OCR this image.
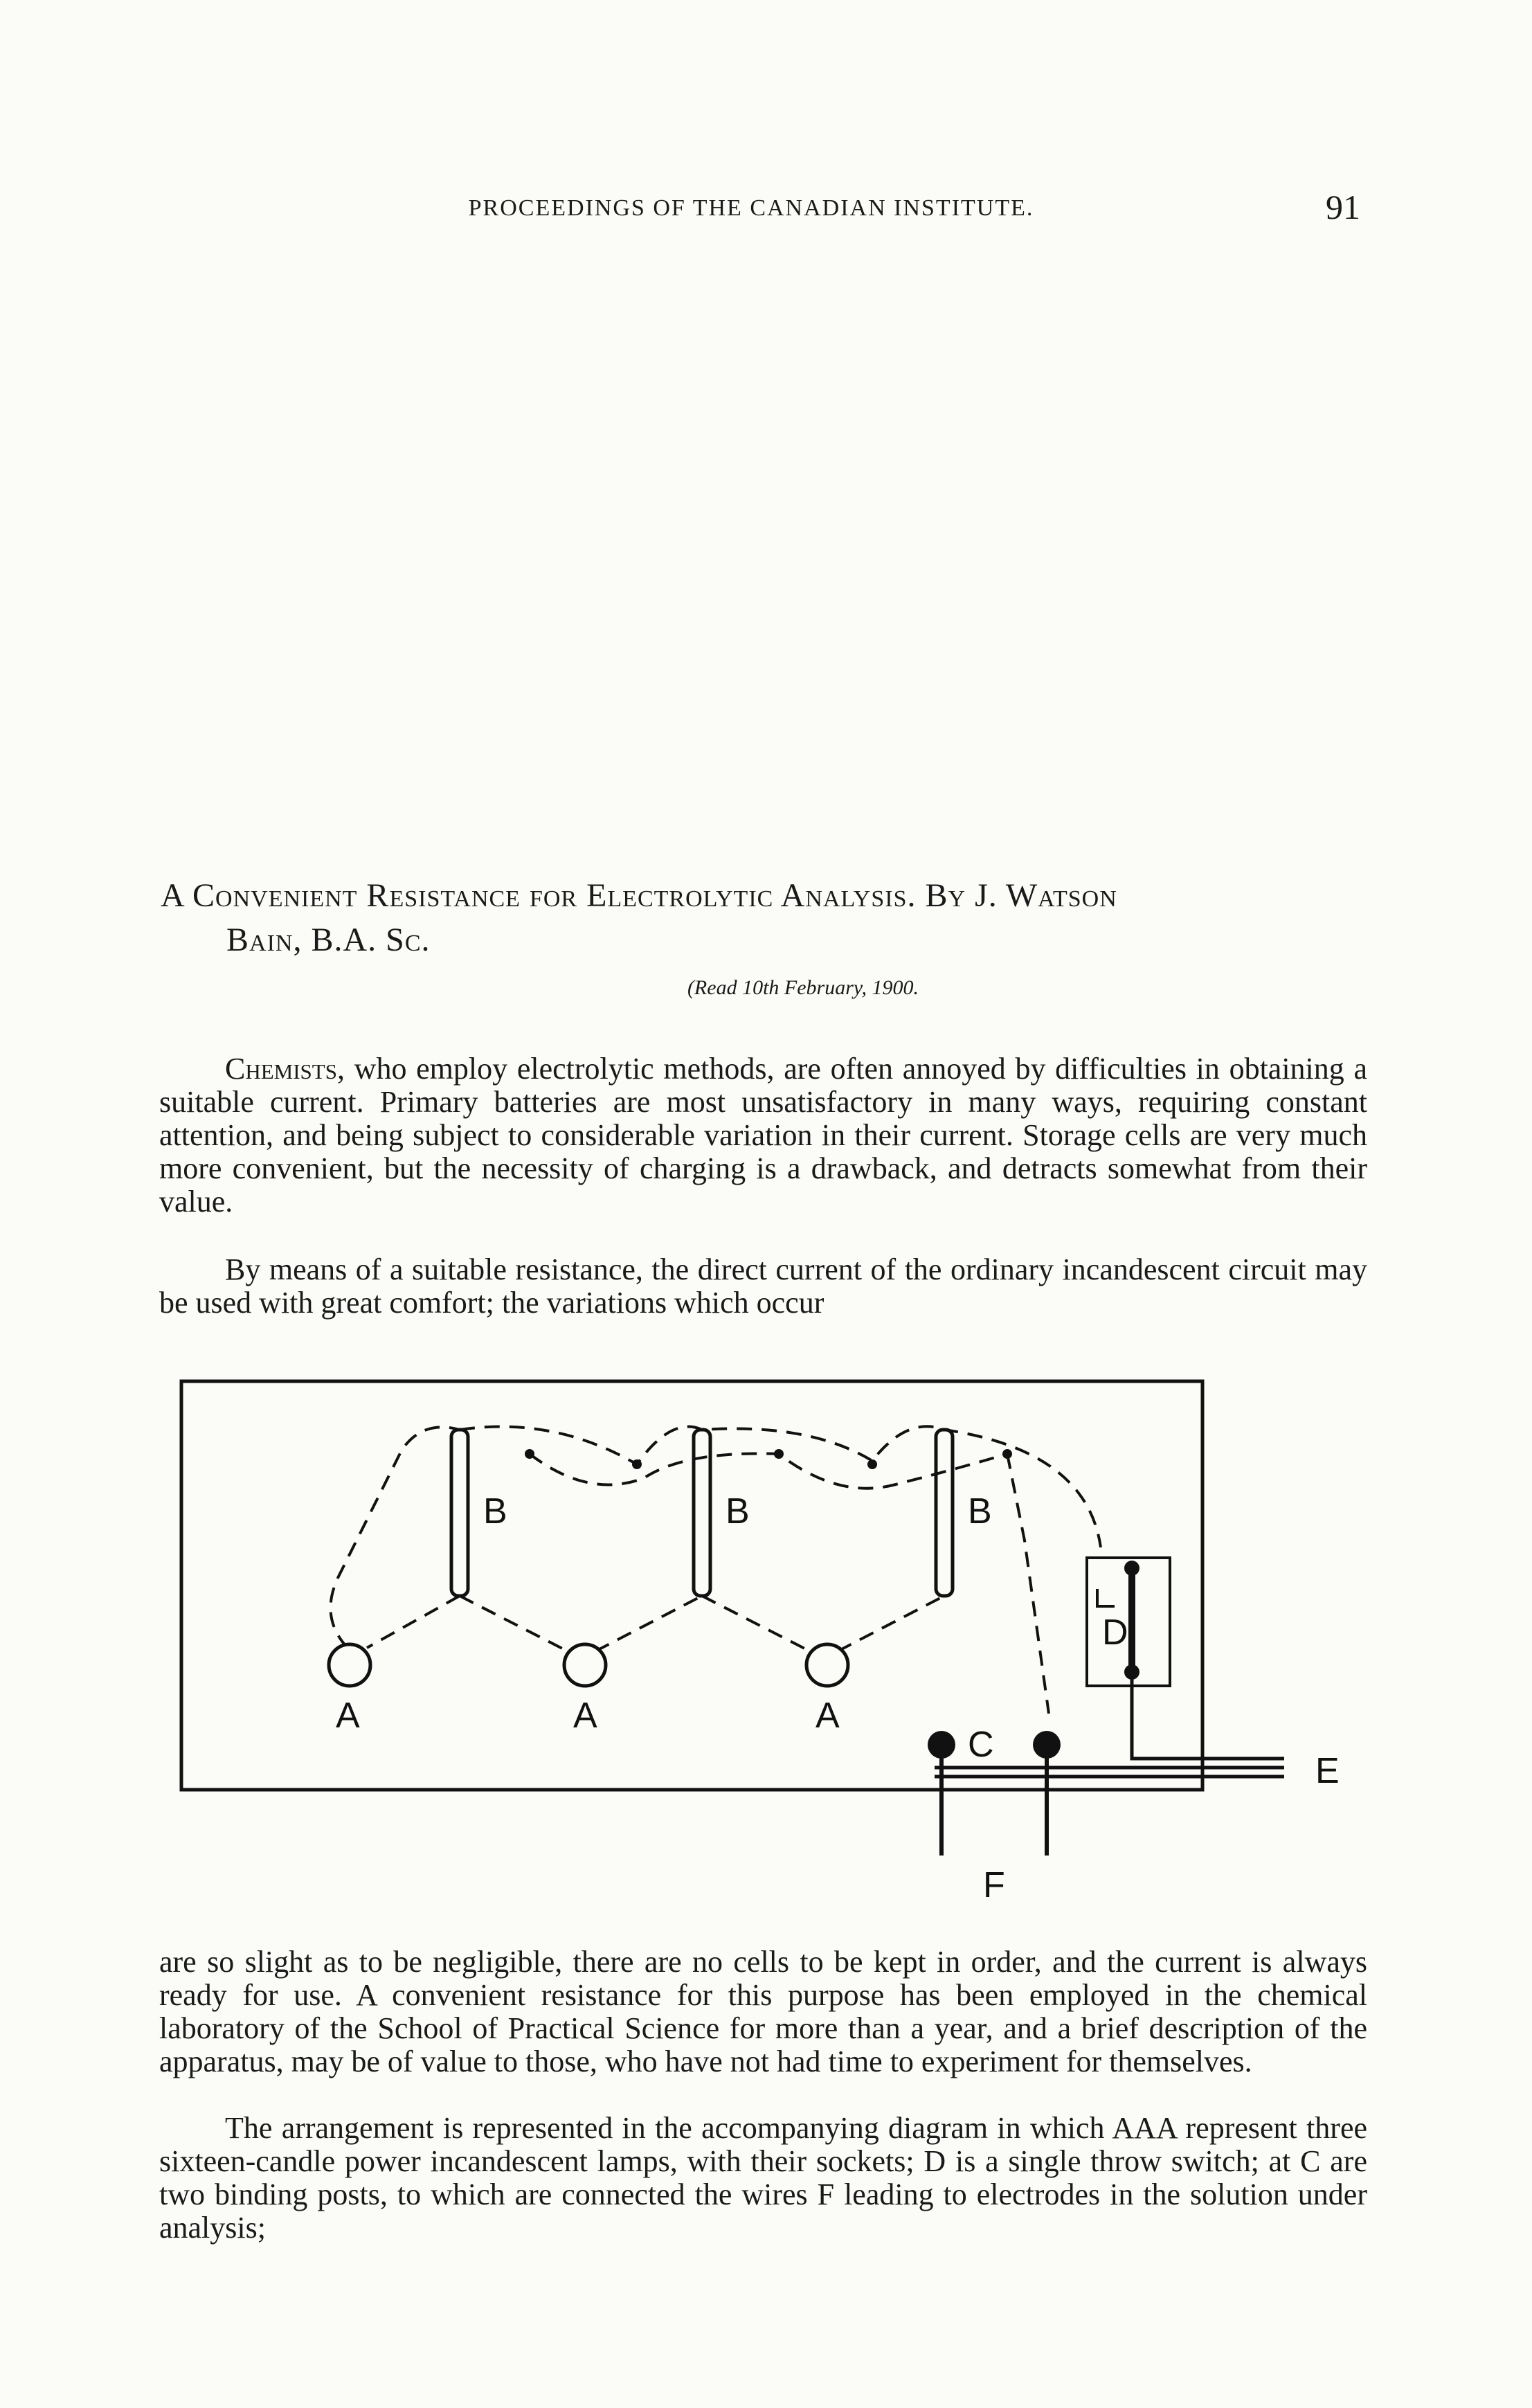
PROCEEDINGS OF THE CANADIAN INSTITUTE.	91
A Convenient Resistance for Electrolytic Analysis. By J. Watson
Bain, B.A. Sc.
(Read 10th February, 1900.

Chemists, who employ electrolytic methods, are often annoyed by difficulties in obtaining a suitable current. Primary batteries are most unsatisfactory in many ways, requiring constant attention, and being subject to considerable variation in their current. Storage cells are very much more convenient, but the necessity of charging is a drawback, and detracts somewhat from their value.

By means of a suitable resistance, the direct current of the ordinary incandescent circuit may be used with great comfort; the variations which occur

B	B	B
A	A	A
C
D
E
F

are so slight as to be negligible, there are no cells to be kept in order, and the current is always ready for use. A convenient resistance for this purpose has been employed in the chemical laboratory of the School of Practical Science for more than a year, and a brief description of the apparatus, may be of value to those, who have not had time to experiment for themselves.

The arrangement is represented in the accompanying diagram in which AAA represent three sixteen-candle power incandescent lamps, with their sockets; D is a single throw switch; at C are two binding posts, to which are connected the wires F leading to electrodes in the solution under analysis;
